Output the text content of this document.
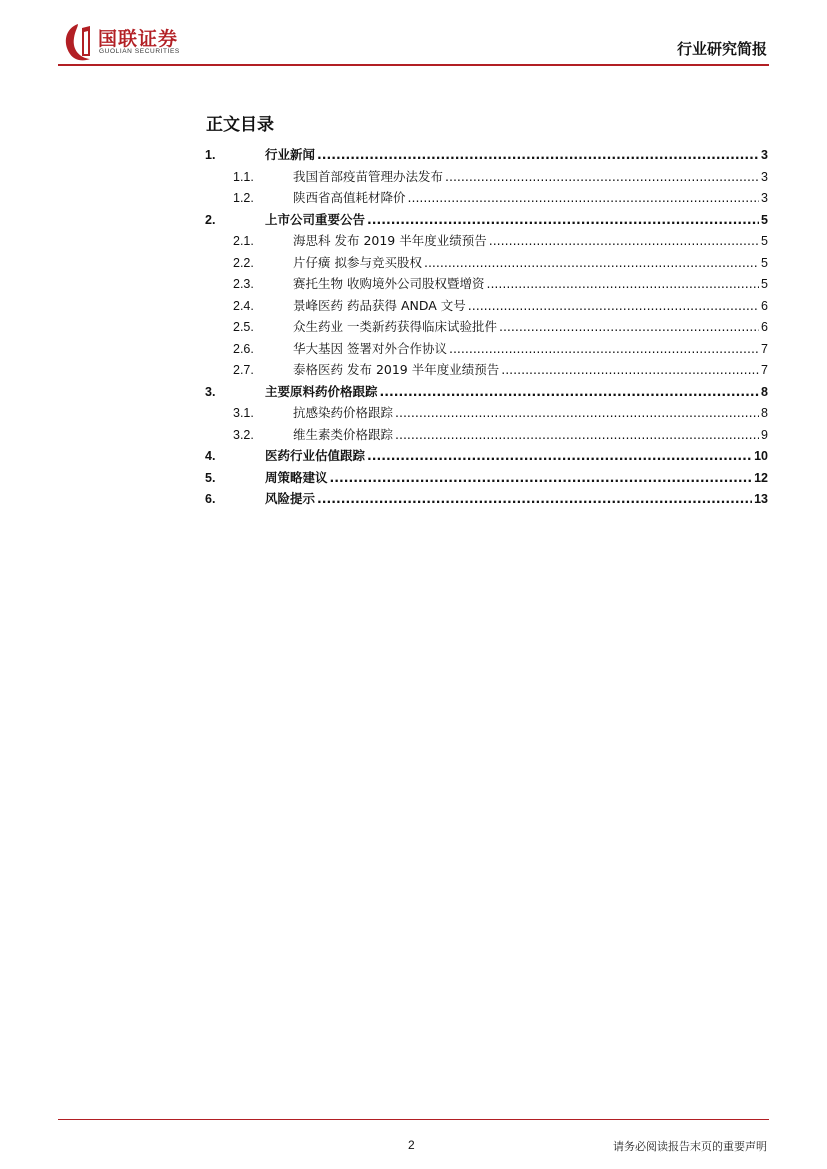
国联证券
GUOLIAN SECURITIES	行业研究简报
正文目录
1.	行业新闻 .....	3
1.1.	我国首部疫苗管理办法发布 .....	3
1.2.	陕西省高值耗材降价 .....	3
2.	上市公司重要公告 .....	5
2.1.	海思科 发布 2019 半年度业绩预告 .....	5
2.2.	片仔癀 拟参与竞买股权 .....	5
2.3.	赛托生物 收购境外公司股权暨增资 .....	5
2.4.	景峰医药 药品获得 ANDA 文号 .....	6
2.5.	众生药业 一类新药获得临床试验批件 .....	6
2.6.	华大基因 签署对外合作协议 .....	7
2.7.	泰格医药 发布 2019 半年度业绩预告 .....	7
3.	主要原料药价格跟踪 .....	8
3.1.	抗感染药价格跟踪 .....	8
3.2.	维生素类价格跟踪 .....	9
4.	医药行业估值跟踪 .....	10
5.	周策略建议 .....	12
6.	风险提示 .....	13
2	请务必阅读报告末页的重要声明
